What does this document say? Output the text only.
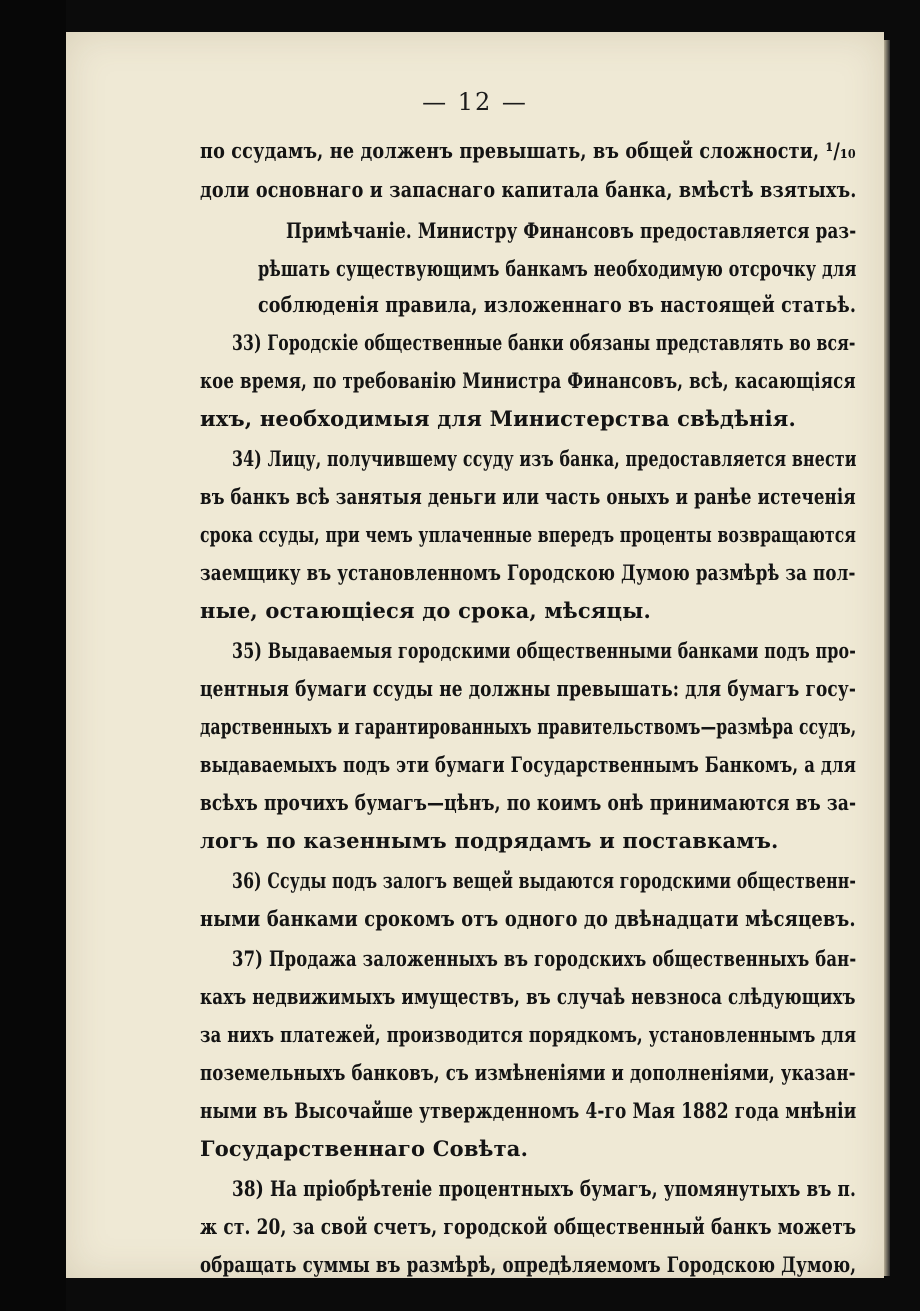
— 12 —
по ссудамъ, не долженъ превышать, въ общей сложности, ¹/₁₀
доли основнаго и запаснаго капитала банка, вмѣстѣ взятыхъ.
Примѣчаніе. Министру Финансовъ предоставляется раз-
рѣшать существующимъ банкамъ необходимую отсрочку для
соблюденія правила, изложеннаго въ настоящей статьѣ.
33) Городскіе общественные банки обязаны представлять во вся-
кое время, по требованію Министра Финансовъ, всѣ, касающіяся
ихъ, необходимыя для Министерства свѣдѣнія.
34) Лицу, получившему ссуду изъ банка, предоставляется внести
въ банкъ всѣ занятыя деньги или часть оныхъ и ранѣе истеченія
срока ссуды, при чемъ уплаченные впередъ проценты возвращаются
заемщику въ установленномъ Городскою Думою размѣрѣ за пол-
ные, остающіеся до срока, мѣсяцы.
35) Выдаваемыя городскими общественными банками подъ про-
центныя бумаги ссуды не должны превышать: для бумагъ госу-
дарственныхъ и гарантированныхъ правительствомъ—размѣра ссудъ,
выдаваемыхъ подъ эти бумаги Государственнымъ Банкомъ, а для
всѣхъ прочихъ бумагъ—цѣнъ, по коимъ онѣ принимаются въ за-
логъ по казеннымъ подрядамъ и поставкамъ.
36) Ссуды подъ залогъ вещей выдаются городскими общественн-
ными банками срокомъ отъ одного до двѣнадцати мѣсяцевъ.
37) Продажа заложенныхъ въ городскихъ общественныхъ бан-
кахъ недвижимыхъ имуществъ, въ случаѣ невзноса слѣдующихъ
за нихъ платежей, производится порядкомъ, установленнымъ для
поземельныхъ банковъ, съ измѣненіями и дополненіями, указан-
ными въ Высочайше утвержденномъ 4-го Мая 1882 года мнѣніи
Государственнаго Совѣта.
38) На пріобрѣтеніе процентныхъ бумагъ, упомянутыхъ въ п.
ж ст. 20, за свой счетъ, городской общественный банкъ можетъ
обращать суммы въ размѣрѣ, опредѣляемомъ Городскою Думою,
